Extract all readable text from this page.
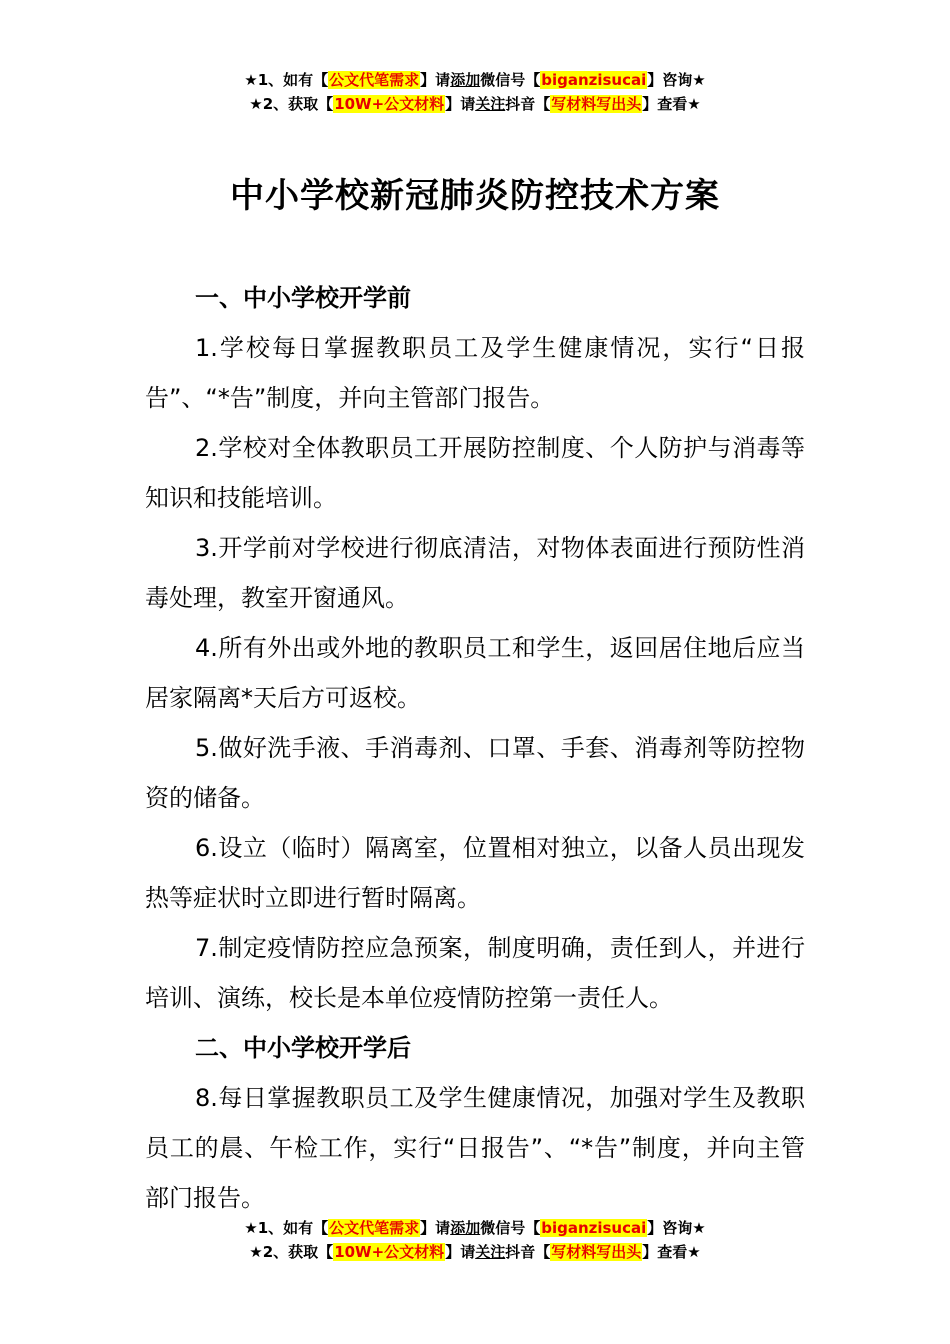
★1、如有【公文代笔需求】请添加微信号【biganzisucai】咨询★
★2、获取【10W+公文材料】请关注抖音【写材料写出头】查看★
中小学校新冠肺炎防控技术方案

一、中小学校开学前

1.学校每日掌握教职员工及学生健康情况，实行“日报告”、“*告”制度，并向主管部门报告。

2.学校对全体教职员工开展防控制度、个人防护与消毒等知识和技能培训。

3.开学前对学校进行彻底清洁，对物体表面进行预防性消毒处理，教室开窗通风。

4.所有外出或外地的教职员工和学生，返回居住地后应当居家隔离*天后方可返校。

5.做好洗手液、手消毒剂、口罩、手套、消毒剂等防控物资的储备。

6.设立（临时）隔离室，位置相对独立，以备人员出现发热等症状时立即进行暂时隔离。

7.制定疫情防控应急预案，制度明确，责任到人，并进行培训、演练，校长是本单位疫情防控第一责任人。

二、中小学校开学后

8.每日掌握教职员工及学生健康情况，加强对学生及教职员工的晨、午检工作，实行“日报告”、“*告”制度，并向主管部门报告。

★1、如有【公文代笔需求】请添加微信号【biganzisucai】咨询★
★2、获取【10W+公文材料】请关注抖音【写材料写出头】查看★
